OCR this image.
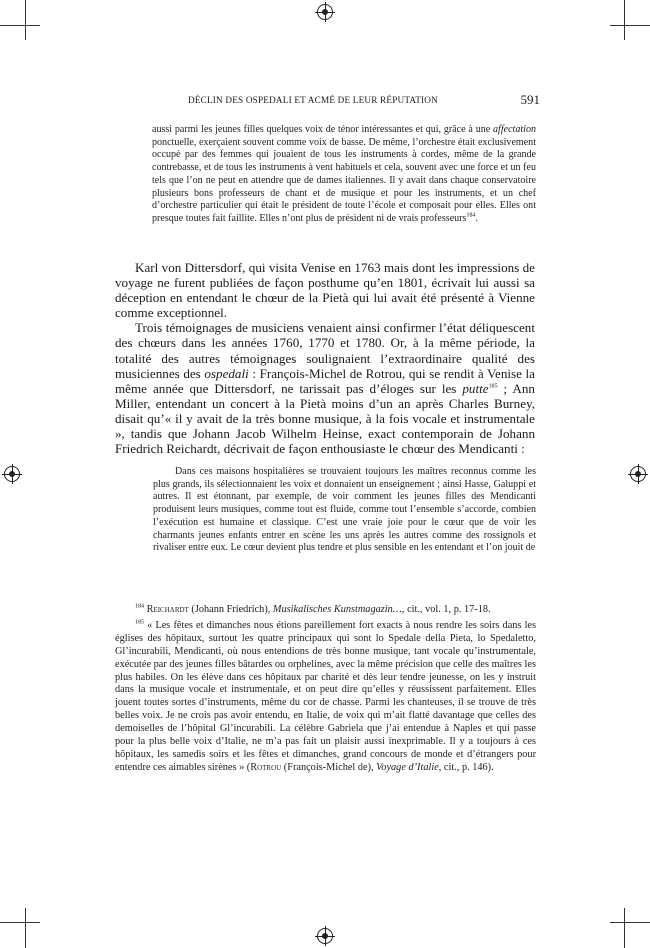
DÉCLIN DES OSPEDALI ET ACMÉ DE LEUR RÉPUTATION	591
aussi parmi les jeunes filles quelques voix de ténor intéressantes et qui, grâce à une affectation ponctuelle, exerçaient souvent comme voix de basse. De même, l’orchestre était exclusivement occupé par des femmes qui jouaient de tous les instruments à cordes, même de la grande contrebasse, et de tous les instruments à vent habituels et cela, souvent avec une force et un feu tels que l’on ne peut en attendre que de dames italiennes. Il y avait dans chaque conservatoire plusieurs bons professeurs de chant et de musique et pour les instruments, et un chef d’orchestre particulier qui était le président de toute l’école et composait pour elles. Elles ont presque toutes fait faillite. Elles n’ont plus de président ni de vrais professeurs$^{184}$.

Karl von Dittersdorf, qui visita Venise en 1763 mais dont les impressions de voyage ne furent publiées de façon posthume qu’en 1801, écrivait lui aussi sa déception en entendant le chœur de la Pietà qui lui avait été présenté à Vienne comme exceptionnel.

Trois témoignages de musiciens venaient ainsi confirmer l’état déliquescent des chœurs dans les années 1760, 1770 et 1780. Or, à la même période, la totalité des autres témoignages soulignaient l’extraordinaire qualité des musiciennes des ospedali : François-Michel de Rotrou, qui se rendit à Venise la même année que Dittersdorf, ne tarissait pas d’éloges sur les putte$^{185}$ ; Ann Miller, entendant un concert à la Pietà moins d’un an après Charles Burney, disait qu’« il y avait de la très bonne musique, à la fois vocale et instrumentale », tandis que Johann Jacob Wilhelm Heinse, exact contemporain de Johann Friedrich Reichardt, décrivait de façon enthousiaste le chœur des Mendicanti :

Dans ces maisons hospitalières se trouvaient toujours les maîtres reconnus comme les plus grands, ils sélectionnaient les voix et donnaient un enseignement ; ainsi Hasse, Galuppi et autres. Il est étonnant, par exemple, de voir comment les jeunes filles des Mendicanti produisent leurs musiques, comme tout est fluide, comme tout l’ensemble s’accorde, combien l’exécution est humaine et classique. C’est une vraie joie pour le cœur que de voir les charmants jeunes enfants entrer en scène les uns après les autres comme des rossignols et rivaliser entre eux. Le cœur devient plus tendre et plus sensible en les entendant et l’on jouit de

$^{184}$ Reichardt (Johann Friedrich), Musikalisches Kunstmagazin…, cit., vol. 1, p. 17-18.

$^{185}$ « Les fêtes et dimanches nous étions pareillement fort exacts à nous rendre les soirs dans les églises des hôpitaux, surtout les quatre principaux qui sont lo Spedale della Pieta, lo Spedaletto, Gl’incurabili, Mendicanti, où nous entendions de très bonne musique, tant vocale qu’instrumentale, exécutée par des jeunes filles bâtardes ou orphelines, avec la même précision que celle des maîtres les plus habiles. On les élève dans ces hôpitaux par charité et dès leur tendre jeunesse, on les y instruit dans la musique vocale et instrumentale, et on peut dire qu’elles y réussissent parfaitement. Elles jouent toutes sortes d’instruments, même du cor de chasse. Parmi les chanteuses, il se trouve de très belles voix. Je ne crois pas avoir entendu, en Italie, de voix qui m’ait flatté davantage que celles des demoiselles de l’hôpital Gl’incurabili. La célèbre Gabriela que j’ai entendue à Naples et qui passe pour la plus belle voix d’Italie, ne m’a pas fait un plaisir aussi inexprimable. Il y a toujours à ces hôpitaux, les samedis soirs et les fêtes et dimanches, grand concours de monde et d’étrangers pour entendre ces aimables sirènes » (Rotrou (François-Michel de), Voyage d’Italie, cit., p. 146).
